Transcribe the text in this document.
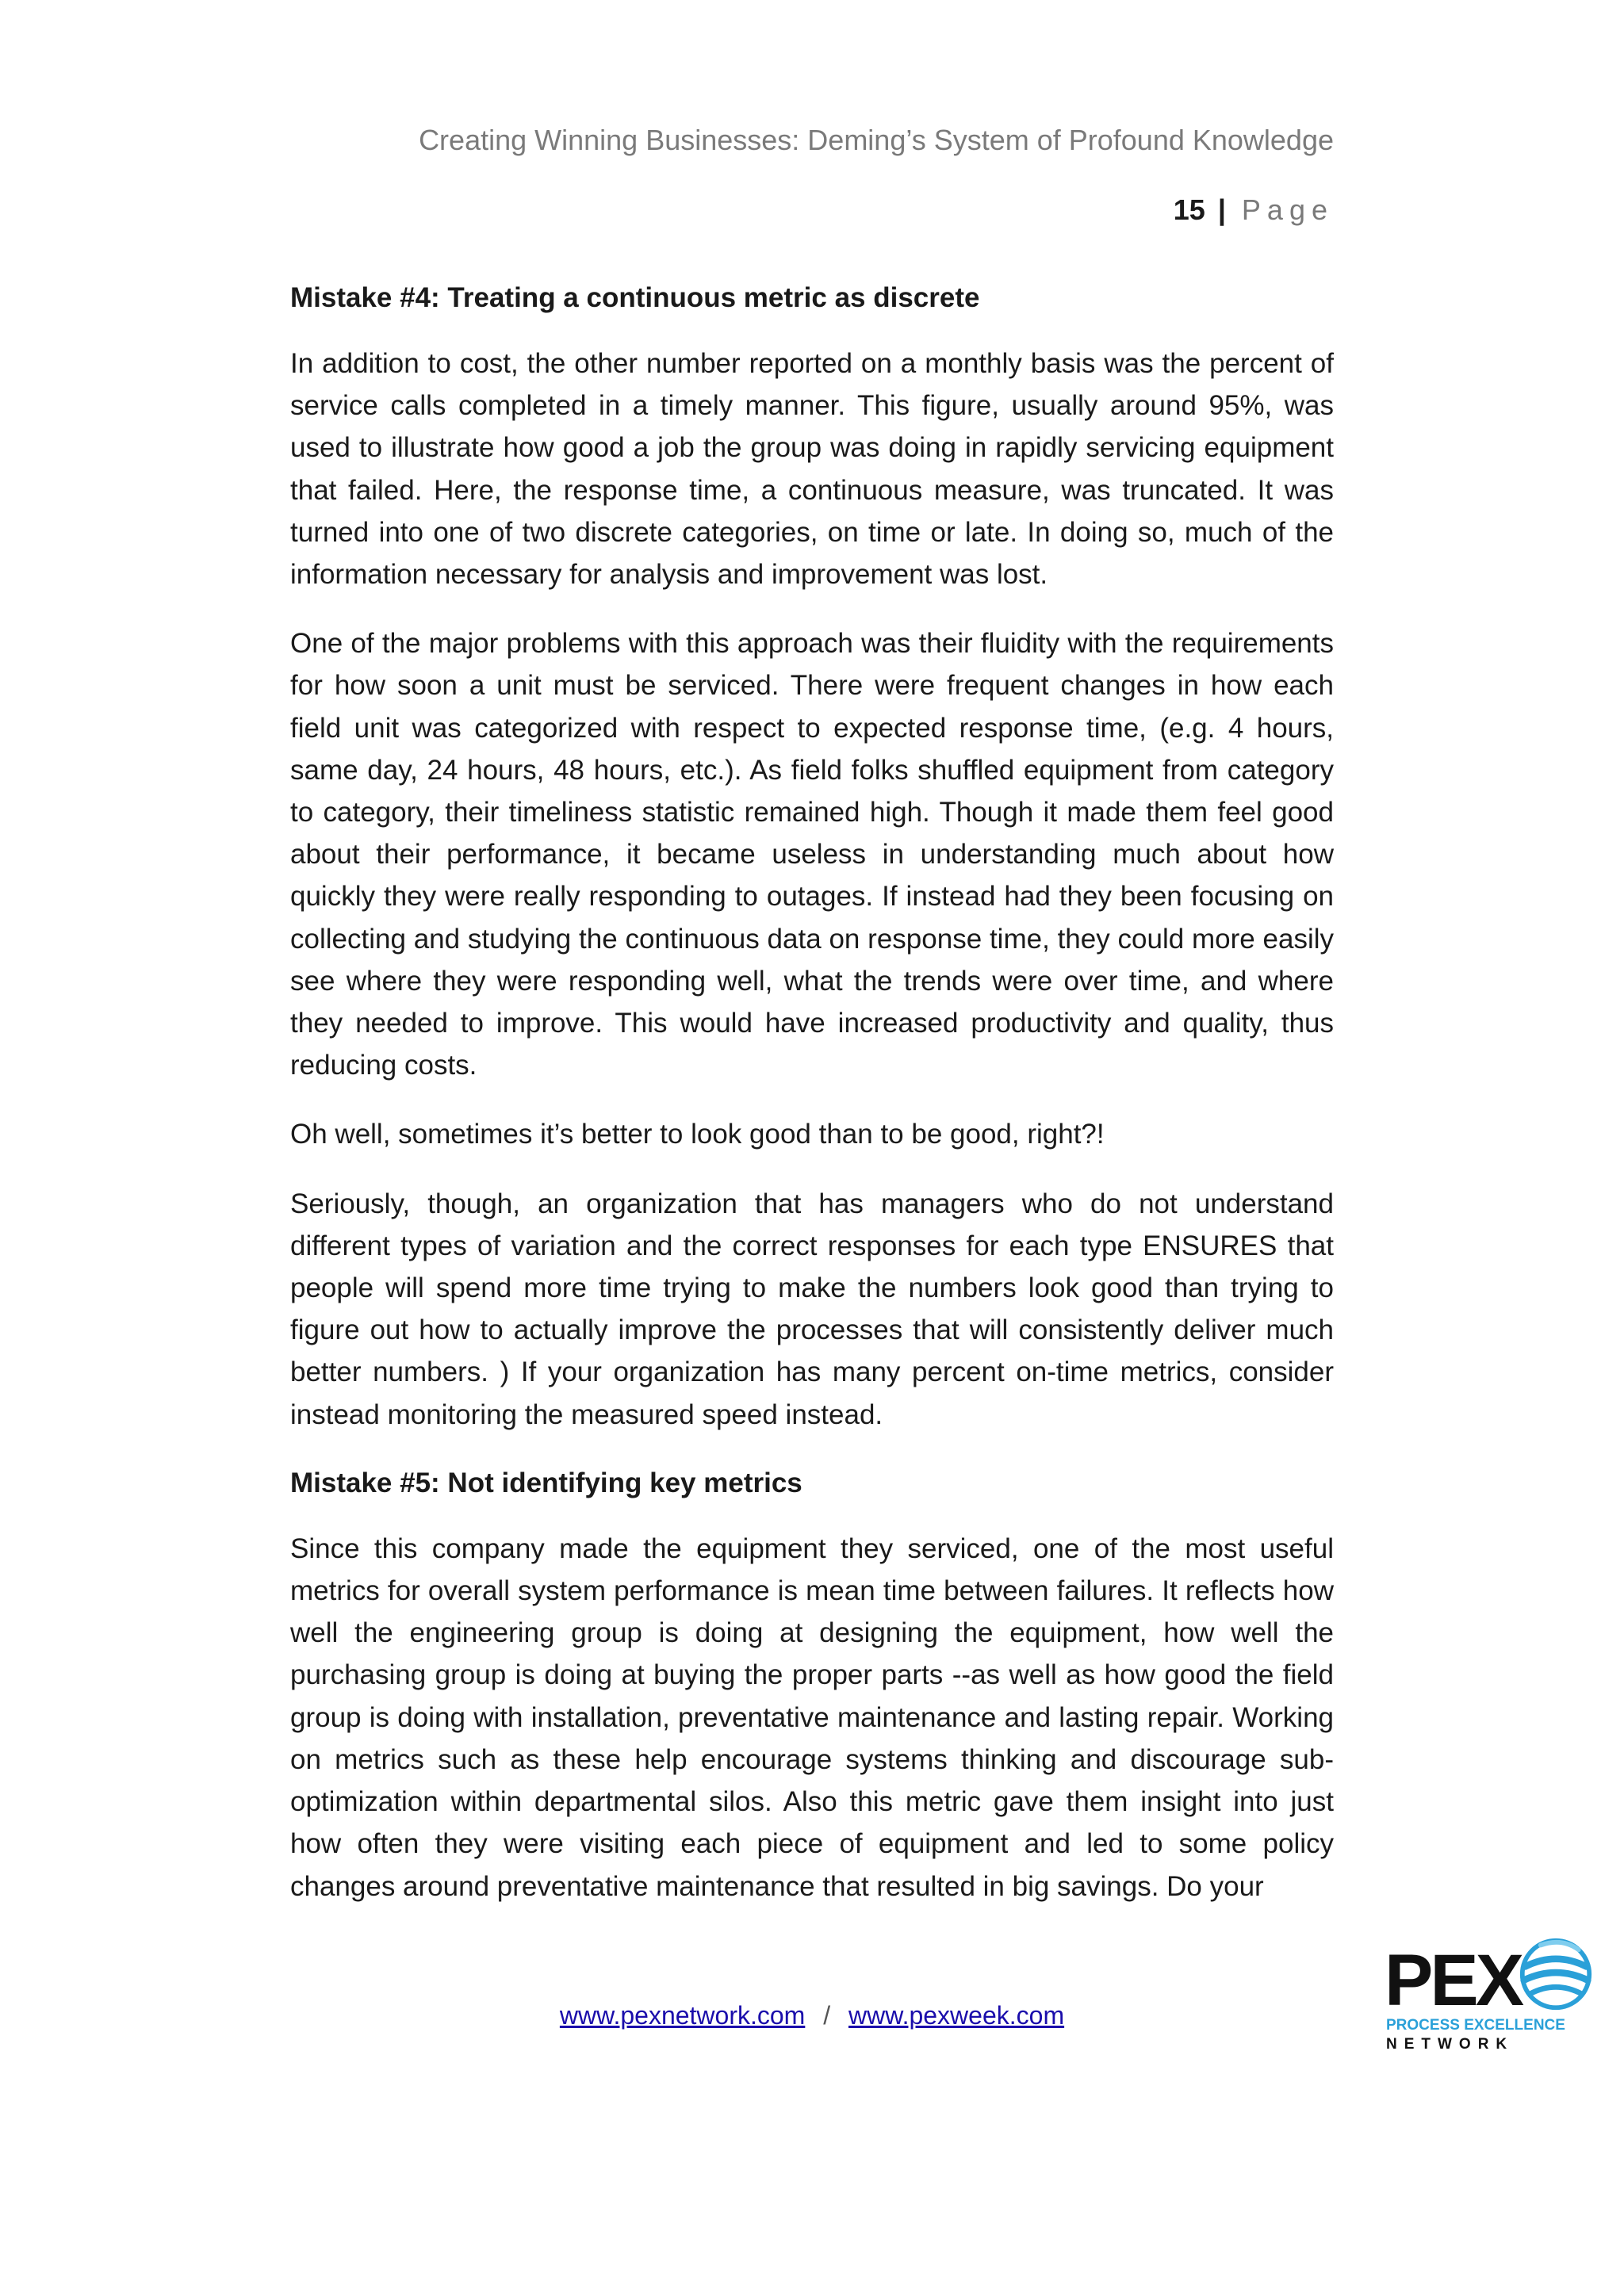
Creating Winning Businesses: Deming’s System of Profound Knowledge
15 | Page
Mistake #4: Treating a continuous metric as discrete

In addition to cost, the other number reported on a monthly basis was the percent of service calls completed in a timely manner. This figure, usually around 95%, was used to illustrate how good a job the group was doing in rapidly servicing equipment that failed. Here, the response time, a continuous measure, was truncated. It was turned into one of two discrete categories, on time or late. In doing so, much of the information necessary for analysis and improvement was lost.

One of the major problems with this approach was their fluidity with the requirements for how soon a unit must be serviced. There were frequent changes in how each field unit was categorized with respect to expected response time, (e.g. 4 hours, same day, 24 hours, 48 hours, etc.). As field folks shuffled equipment from category to category, their timeliness statistic remained high. Though it made them feel good about their performance, it became useless in understanding much about how quickly they were really responding to outages. If instead had they been focusing on collecting and studying the continuous data on response time, they could more easily see where they were responding well, what the trends were over time, and where they needed to improve. This would have increased productivity and quality, thus reducing costs.

Oh well, sometimes it’s better to look good than to be good, right?!

Seriously, though, an organization that has managers who do not understand different types of variation and the correct responses for each type ENSURES that people will spend more time trying to make the numbers look good than trying to figure out how to actually improve the processes that will consistently deliver much better numbers. ) If your organization has many percent on-time metrics, consider instead monitoring the measured speed instead.

Mistake #5: Not identifying key metrics

Since this company made the equipment they serviced, one of the most useful metrics for overall system performance is mean time between failures. It reflects how well the engineering group is doing at designing the equipment, how well the purchasing group is doing at buying the proper parts --as well as how good the field group is doing with installation, preventative maintenance and lasting repair. Working on metrics such as these help encourage systems thinking and discourage sub-optimization within departmental silos. Also this metric gave them insight into just how often they were visiting each piece of equipment and led to some policy changes around preventative maintenance that resulted in big savings. Do your

www.pexnetwork.com / www.pexweek.com	PEX
PROCESS EXCELLENCE
NETWORK
